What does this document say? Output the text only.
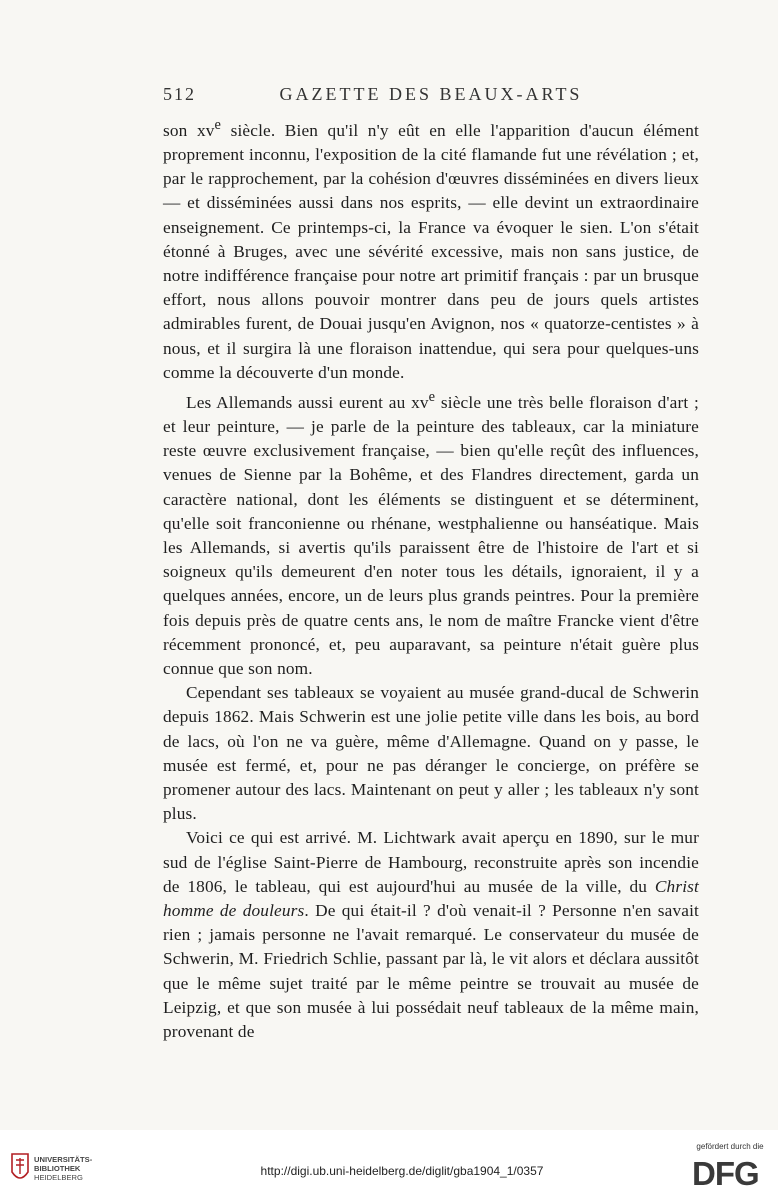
512	GAZETTE DES BEAUX-ARTS

son $xv^e$ siècle. Bien qu'il n'y eût en elle l'apparition d'aucun élément proprement inconnu, l'exposition de la cité flamande fut une révélation ; et, par le rapprochement, par la cohésion d'œuvres disséminées en divers lieux — et disséminées aussi dans nos esprits, — elle devint un extraordinaire enseignement. Ce printemps-ci, la France va évoquer le sien. L'on s'était étonné à Bruges, avec une sévérité excessive, mais non sans justice, de notre indifférence française pour notre art primitif français : par un brusque effort, nous allons pouvoir montrer dans peu de jours quels artistes admirables furent, de Douai jusqu'en Avignon, nos « quatorze-centistes » à nous, et il surgira là une floraison inattendue, qui sera pour quelques-uns comme la découverte d'un monde.

Les Allemands aussi eurent au $xv^e$ siècle une très belle floraison d'art ; et leur peinture, — je parle de la peinture des tableaux, car la miniature reste œuvre exclusivement française, — bien qu'elle reçût des influences, venues de Sienne par la Bohême, et des Flandres directement, garda un caractère national, dont les éléments se distinguent et se déterminent, qu'elle soit franconienne ou rhénane, westphalienne ou hanséatique. Mais les Allemands, si avertis qu'ils paraissent être de l'histoire de l'art et si soigneux qu'ils demeurent d'en noter tous les détails, ignoraient, il y a quelques années, encore, un de leurs plus grands peintres. Pour la première fois depuis près de quatre cents ans, le nom de maître Francke vient d'être récemment prononcé, et, peu auparavant, sa peinture n'était guère plus connue que son nom.

Cependant ses tableaux se voyaient au musée grand-ducal de Schwerin depuis 1862. Mais Schwerin est une jolie petite ville dans les bois, au bord de lacs, où l'on ne va guère, même d'Allemagne. Quand on y passe, le musée est fermé, et, pour ne pas déranger le concierge, on préfère se promener autour des lacs. Maintenant on peut y aller ; les tableaux n'y sont plus.

Voici ce qui est arrivé. M. Lichtwark avait aperçu en 1890, sur le mur sud de l'église Saint-Pierre de Hambourg, reconstruite après son incendie de 1806, le tableau, qui est aujourd'hui au musée de la ville, du Christ homme de douleurs. De qui était-il ? d'où venait-il ? Personne n'en savait rien ; jamais personne ne l'avait remarqué. Le conservateur du musée de Schwerin, M. Friedrich Schlie, passant par là, le vit alors et déclara aussitôt que le même sujet traité par le même peintre se trouvait au musée de Leipzig, et que son musée à lui possédait neuf tableaux de la même main, provenant de

UNIVERSITÄTS-
BIBLIOTHEK
HEIDELBERG	http://digi.ub.uni-heidelberg.de/diglit/gba1904_1/0357
gefördert durch die
DFG
